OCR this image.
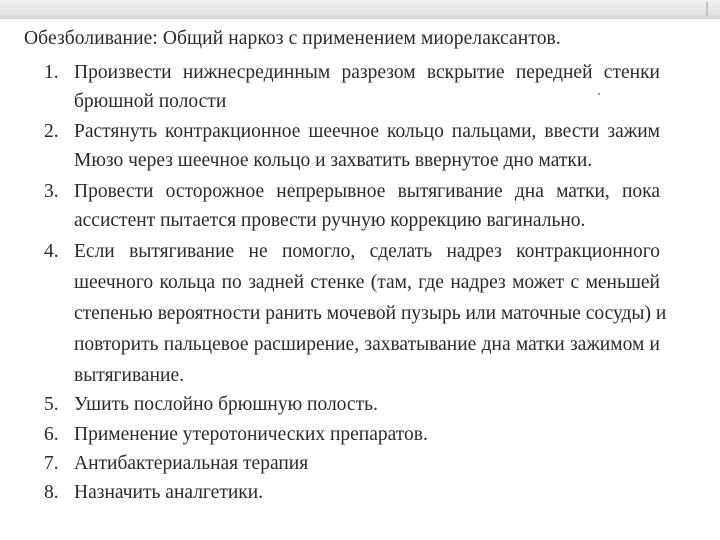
Обезболивание: Общий наркоз с применением миорелаксантов.
1. Произвести нижнесрединным разрезом вскрытие передней стенки
брюшной полости
2. Растянуть контракционное шеечное кольцо пальцами, ввести зажим
Мюзо через шеечное кольцо и захватить ввернутое дно матки.
3. Провести осторожное непрерывное вытягивание дна матки, пока
ассистент пытается провести ручную коррекцию вагинально.
4. Если вытягивание не помогло, сделать надрез контракционного
шеечного кольца по задней стенке (там, где надрез может с меньшей
степенью вероятности ранить мочевой пузырь или маточные сосуды) и
повторить пальцевое расширение, захватывание дна матки зажимом и
вытягивание.
5. Ушить послойно брюшную полость.
6. Применение утеротонических препаратов.
7. Антибактериальная терапия
8. Назначить аналгетики.
